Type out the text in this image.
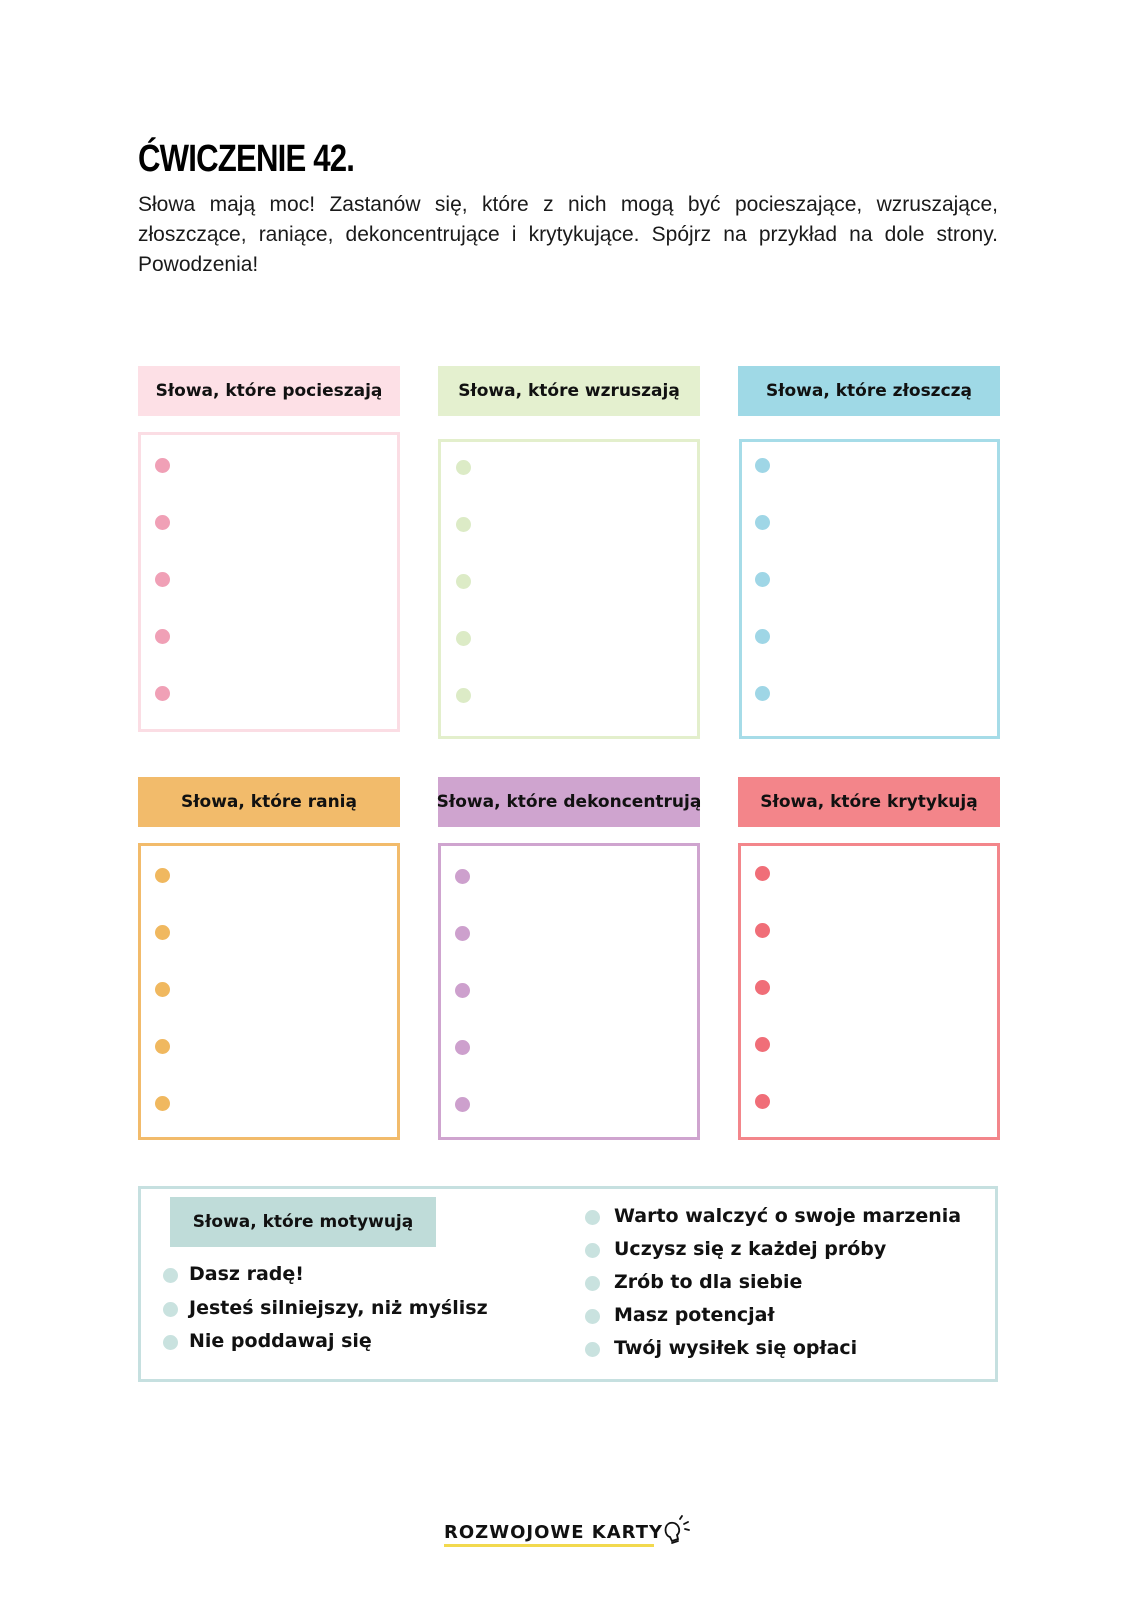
ĆWICZENIE 42.
Słowa mają moc! Zastanów się, które z nich mogą być pocieszające, wzruszające, złoszczące, raniące, dekoncentrujące i krytykujące. Spójrz na przykład na dole strony. Powodzenia!
Słowa, które pocieszają	Słowa, które wzruszają	Słowa, które złoszczą
Słowa, które ranią	Słowa, które dekoncentrują	Słowa, które krytykują
Słowa, które motywują
Dasz radę!
Jesteś silniejszy, niż myślisz
Nie poddawaj się
Warto walczyć o swoje marzenia
Uczysz się z każdej próby
Zrób to dla siebie
Masz potencjał
Twój wysiłek się opłaci
ROZWOJOWE KARTY
